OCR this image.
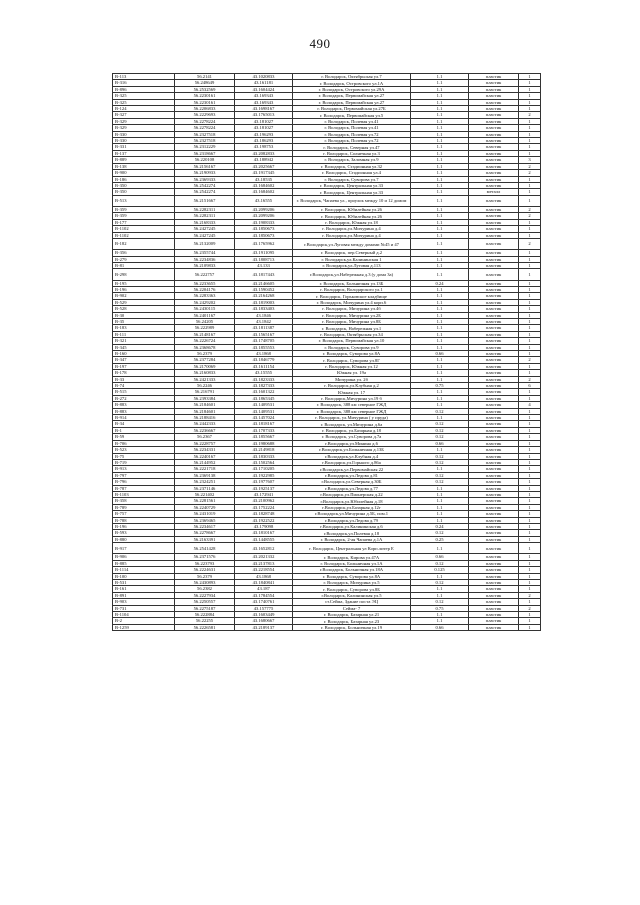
490
В-113	56.2141	43.1020833	г. Володарск, Октябрьская ул.7	1.1	пластик	1
В-316	56.248649	43.161181	г. Володарск, Островского ул.1А	1.1	пластик	1
В-896	56.2532569	43.1604424	г. Володарск, Островского ул.29А	1.1	пластик	1
В-325	56.2230161	43.169343	г. Володарск, Первомайская ул.27	1.1	пластик	1
В-325	56.2230161	43.169343	г. Володарск, Первомайская ул.27	1.1	пластик	1
В-124	56.2206833	43.1698167	г. Володарск, Первомайская ул.27Б	1.1	пластик	1
В-327	56.2229693	43.1765013	г. Володарск, Первомайская ул.5	1.1	пластик	2
В-329	56.2278224	43.181027	г. Володарск, Полевая ул.41	1.1	пластик	1
В-329	56.2278224	43.181027	г. Володарск, Полевая ул.41	1.1	пластик	1
В-330	56.2327518	43.196293	г. Володарск, Полевая ул.72	1.1	пластик	1
В-330	56.2327518	43.186293	г. Володарск, Полевая ул.72	1.1	пластик	1
В-331	56.2312229	43.198753	г. Володарск, Северная ул.47	1.1	пластик	1
В-137	56.2318667	43.2082833	г. Володарск, Солнечная ул.3	1.1	пластик	1
В-889	56.220108	43.188942	г. Володарск, Заломная ул.9	1.1	пластик	3
В-138	56.2156167	43.2025667	г. Володарск, Стадионная ул.32	1.1	пластик	2
В-900	56.2190933	43.1917345	г. Володарск, Стадионная ул.4	1.1	пластик	2
В-186	56.2369333	43.18535	г. Володарск, Суворова ул.7	1.1	пластик	1
В-350	56.2542274	43.1684602	г. Володарск, Центральная ул.33	1.1	пластик	1
В-350	56.2542274	43.1684602	г. Володарск, Центральная ул.33	1.1	металл	1
В-513	56.2151667	43.16555	г. Володарск, Чапаева ул., проулок между 10 и 12 домом	1.1	пластик	1
В-359	56.2282311	43.2099206	г. Володарск, Юбилейная ул.26	1.1	пластик	2
В-359	56.2282311	43.2099206	г. Володарск, Юбилейная ул.26	1.1	пластик	2
В-177	56.2168333	43.1908333	г. Володарск, Южная ул.18	1.1	пластик	1
В-1102	56.2427245	43.1850673	г. Володарск,ул.Мичурина д.4	1.1	пластик	1
В-1102	56.2427245	43.1850673	г. Володарск,ул.Мичурина д.4	1.1	пластик	1
В-182	56.2132009	43.1765962	г.Володарск,ул.Луговая между домами №45 и 47	1.1	пластик	2
В-356	56.2355744	43.1911095	г. Володарск, пер.Северный д.2	1.1	пластик	1
В-279	56.2234836	43.1808713	г. Володарск,ул.Калининская 1	1.1	пластик	1
В-81	56.2109833	43.133	г. Володарск,ул.Луговая д.113	1.1	пластик	1
В-298	56.222757	43.1817443	г.Володарск,ул.Набережная д.3 (у дома 3а)	1.1	пластик	1
В-195	56.2233655	43.2146605	г. Володарск, Больничная ул.13Б	0.24	пластик	1
В-196	56.2204176	43.1590452	г. Володарск, Володарского ул.1	1.1	пластик	1
В-902	56.2283363	43.2164268	г. Володарск, Горьковское кладбище	1.1	пластик	1
В-529	56.2429202	43.1819003	г. Володарск, Мичурина ул.4 корп.6	1.1	пластик	1
В-528	56.2430115	43.1833403	г. Володарск, Мичурина ул.4б	1.1	пластик	1
В-30	56.2401167	43.1846	г. Володарск, Мичурина ул.2Б	1.1	пластик	1
В-35	56.24205	43.1842	г. Володарск, Мичурина ул.8Б	1.1	пластик	1
В-183	56.222989	43.1811387	г. Володарск, Набережная ул.1	1.1	пластик	1
В-111	56.2148167	43.1565167	г. Володарск, Октябрьская ул.34	1.1	пластик	1
В-321	56.2226724	43.1748705	г. Володарск, Первомайская ул.10	1.1	пластик	1
В-345	56.2368678	43.1855553	г. Володарск, Суворова ул.9	1.1	пластик	1
В-160	56.2379	43.1868	г. Володарск, Суворова ул.8А	0.66	пластик	1
В-347	56.2377284	43.1846779	г. Володарск, Суворова ул.8Г	1.1	пластик	2
В-197	56.2170069	43.1611154	г. Володарск, Южная ул.12	1.1	пластик	1
В-178	56.2160833	43.15555	Южная ул. 19а	1.1	пластик	1
В-33	56.2421333	43.1823333	Мичурина ул. 2б	1.1	пластик	2
В-74	56.2246	43.1827333	г. Володарск,ул.Клубная д.2	0.75	пластик	6
В-515	56.216791	43.1601322	Южная ул. 17	1.1	пластик	1
В-272	56.2393384	43.1865345	г. Володарск,Мичурина ул.19 б	1.1	пластик	1
В-883	56.2184601	43.1409531	г. Володарск, 388 км северное ГЖД	1.1	пластик	4
В-883	56.2184601	43.1409531	г. Володарск, 388 км северное ГЖД	0.12	пластик	1
В-914	56.2188416	43.1457024	г. Володарск, ул.Мичурина ( у пруда)	1.1	пластик	1
В-34	56.2442333	43.1818167	г. Володарск, ул.Мичурина д.6а	0.12	пластик	1
В-1	56.2236667	43.1707333	г. Володарск, ул.Базарная д.18	0.12	пластик	1
В-59	56.2367	43.1855667	г. Володарск, ул.Суворова д.7а	0.12	пластик	1
В-706	56.2228757	43.1980688	г.Володарск,ул.Минина д.6	0.66	пластик	1
В-523	56.2234331	43.2149818	г.Володарск,ул.Больничная д.13Б	1.1	пластик	1
В-75	56.2240167	43.1830333	г.Володарск,ул.Клубная д.4	0.12	пластик	1
В-719	56.2144952	43.1502564	г.Володарск,ул.Горького д.86а	0.12	пластик	1
В-913	56.2221718	43.1710205	г.Володарск,ул.Первомайская 22	1.1	пластик	1
В-797	56.2369138	43.1922985	г.Володарск,ул.Ледова д.81	0.12	пластик	1
В-796	56.2324251	43.1977607	г.Володарск,ул.Северная д.30Б	0.12	пластик	1
В-787	56.2371146	43.1925137	г.Володарск,ул.Ледова д.77	1.1	пластик	1
В-1103	56.221402	43.172941	г.Володарск,ул.Пионерская д.22	1.1	пластик	1
В-358	56.2281561	43.2100962	г.Володарск,ул.Юбилейная д.18	1.1	пластик	1
В-789	56.2240729	43.1752224	г.Володарск,ул.Базарная д.12г	1.1	пластик	1
В-757	56.2431019	43.1828748	г.Володарск,ул.Мичурина д.5Б, пом.1	1.1	пластик	1
В-788	56.2369465	43.1922522	г.Володарск,ул.Ледова д.79	1.1	пластик	1
В-196	56.2234617	43.179098	г.Володарск,ул.Калининская д.6	0.24	пластик	1
В-593	56.2278667	43.1810167	г.Володарск,ул.Полевая д.18	0.12	пластик	1
В-880	56.2163391	43.1448555	г. Володарск, 2-ая Чапаева д.1А	0.25	пластик	1
В-917	56.2541428	43.1652812	г. Володарск, Центральная ул Корп.литер Е	1.1	пластик	1
В-906	56.2371576	43.2021332	г. Володарск, Кирова ул.47А	0.66	пластик	1
В-885	56.223793	43.2137813	г. Володарск, Больничная ул.1А	0.12	пластик	1
В-1114	56.2224631	43.2218554	г.Володарск, Больничная ул.18А	0.125	пластик	1
В-100	56.2379	43.1868	г. Володарск, Суворова ул.8А	1.1	пластик	1
В-531	56.2430893	43.1840841	г. Володарск, Мичурина ул.5	0.12	пластик	1
В-161	56.2382	43.187	г. Володарск, Суворова ул.8Б	1.1	пластик	1
В-891	56.2227934	43.1784554	г.Володарск, Калининская ул.5	1.1	пластик	2
В-903	56.2250557	43.1740761	ст.Сейма, Здание поста ЭЦ	0.12	пластик	1
В-731	56.2275187	43.157775	Сейма- 7	0.75	пластик	2
В-1104	56.222884	43.1603449	г. Володарск, Базарная ул.21	1.1	пластик	1
В-2	56.22255	43.1680667	г. Володарск, Базарная ул.23	1.1	пластик	1
В-1259	56.2226581	43.2189137	г. Володарск, Больничная ул.19	0.66	пластик	1
